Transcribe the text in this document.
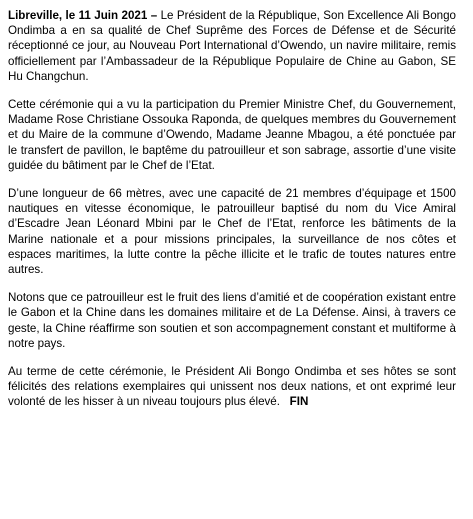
Libreville, le 11 Juin 2021 – Le Président de la République, Son Excellence Ali Bongo Ondimba a en sa qualité de Chef Suprême des Forces de Défense et de Sécurité réceptionné ce jour, au Nouveau Port International d’Owendo, un navire militaire, remis officiellement par l’Ambassadeur de la République Populaire de Chine au Gabon, SE Hu Changchun.

Cette cérémonie qui a vu la participation du Premier Ministre Chef, du Gouvernement, Madame Rose Christiane Ossouka Raponda, de quelques membres du Gouvernement et du Maire de la commune d’Owendo, Madame Jeanne Mbagou, a été ponctuée par le transfert de pavillon, le baptême du patrouilleur et son sabrage, assortie d’une visite guidée du bâtiment par le Chef de l’Etat.

D’une longueur de 66 mètres, avec une capacité de 21 membres d’équipage et 1500 nautiques en vitesse économique, le patrouilleur baptisé du nom du Vice Amiral d’Escadre Jean Léonard Mbini par le Chef de l’Etat, renforce les bâtiments de la Marine nationale et a pour missions principales, la surveillance de nos côtes et espaces maritimes, la lutte contre la pêche illicite et le trafic de toutes natures entre autres.

Notons que ce patrouilleur est le fruit des liens d’amitié et de coopération existant entre le Gabon et la Chine dans les domaines militaire et de La Défense. Ainsi, à travers ce geste, la Chine réaffirme son soutien et son accompagnement constant et multiforme à notre pays.

Au terme de cette cérémonie, le Président Ali Bongo Ondimba et ses hôtes se sont félicités des relations exemplaires qui unissent nos deux nations, et ont exprimé leur volonté de les hisser à un niveau toujours plus élevé. FIN
